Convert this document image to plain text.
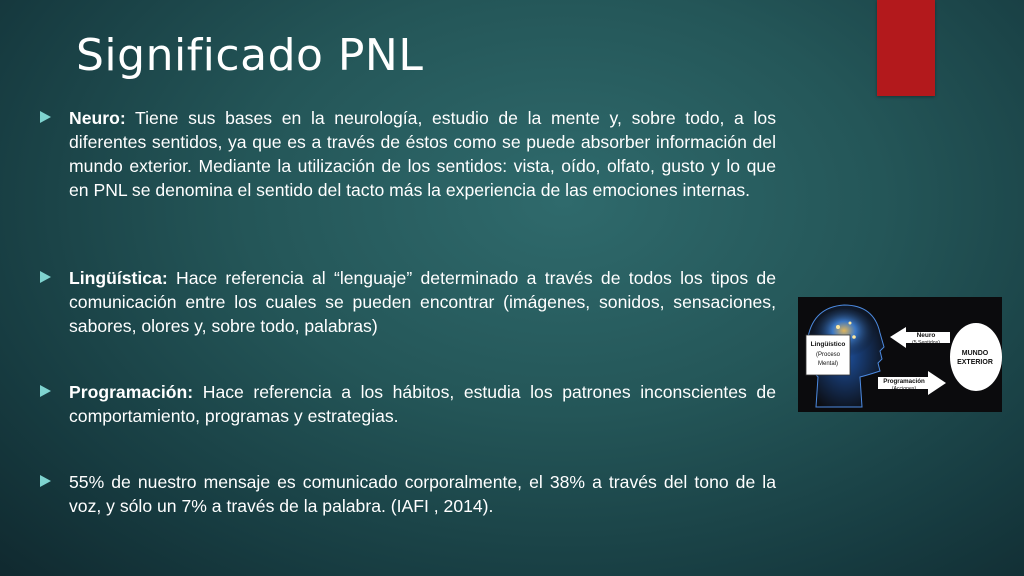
Significado PNL
Neuro: Tiene sus bases en la neurología, estudio de la mente y, sobre todo, a los diferentes sentidos, ya que es a través de éstos como se puede absorber información del mundo exterior. Mediante la utilización de los sentidos: vista, oído, olfato, gusto y lo que en PNL se denomina el sentido del tacto más la experiencia de las emociones internas.
Lingüística: Hace referencia al “lenguaje” determinado a través de todos los tipos de comunicación entre los cuales se pueden encontrar (imágenes, sonidos, sensaciones, sabores, olores y, sobre todo, palabras)
Programación: Hace referencia a los hábitos, estudia los patrones inconscientes de comportamiento, programas y estrategias.
55% de nuestro mensaje es comunicado corporalmente, el 38% a través del tono de la voz, y sólo un 7% a través de la palabra. (IAFI , 2014).
Lingüístico
(Proceso
Mental)
Neuro
(5 Sentidos)
Programación
(Acciones)
MUNDO
EXTERIOR
